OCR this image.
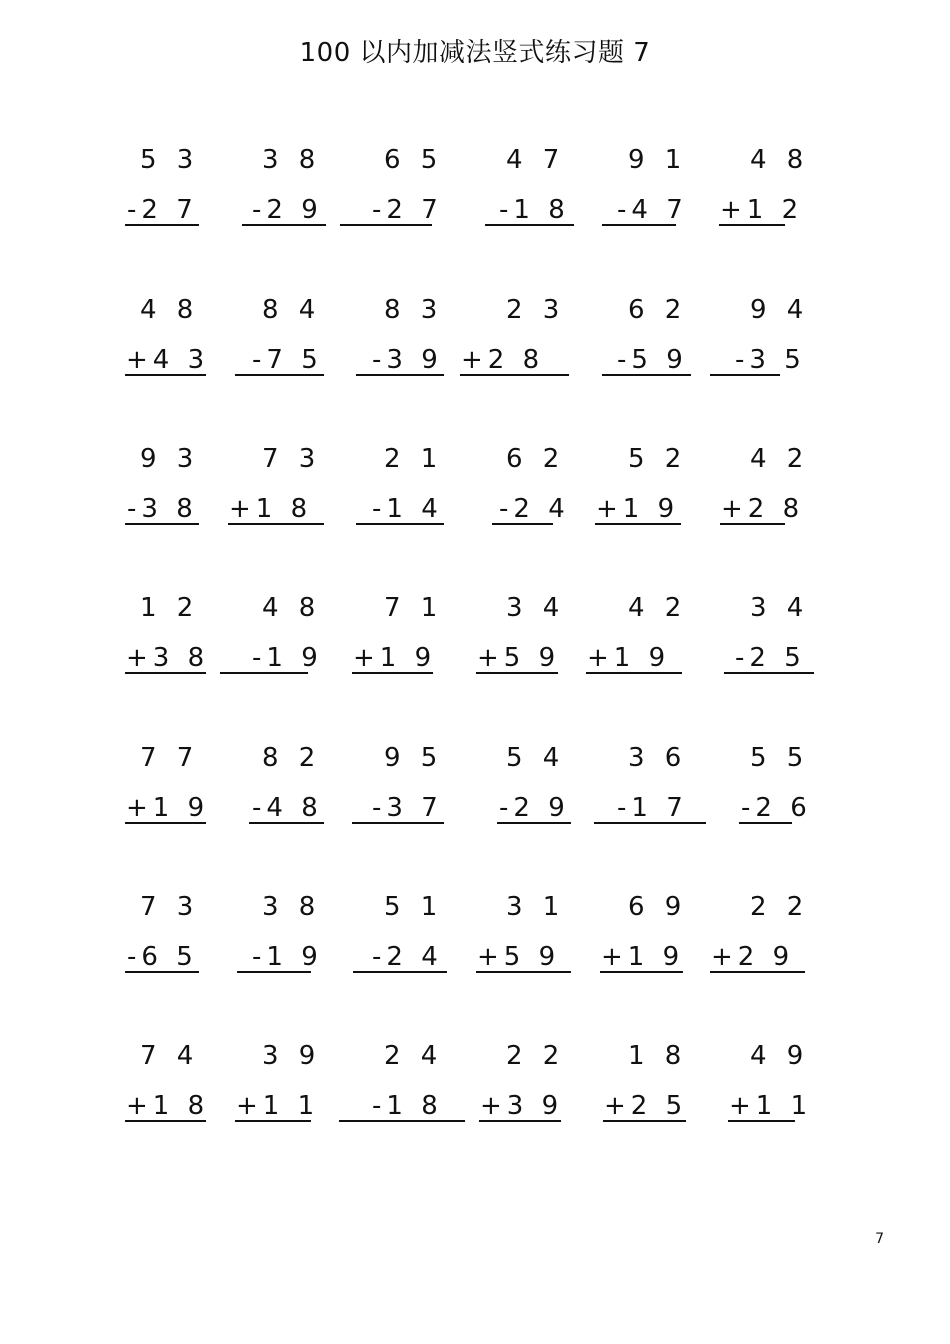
100 以内加减法竖式练习题 7
5 3
-2 7
3 8
-2 9
6 5
-2 7
4 7
-1 8
9 1
-4 7
4 8
+1 2
4 8
+4 3
8 4
-7 5
8 3
-3 9
2 3
+2 8
6 2
-5 9
9 4
-3 5
9 3
-3 8
7 3
+1 8
2 1
-1 4
6 2
-2 4
5 2
+1 9
4 2
+2 8
1 2
+3 8
4 8
-1 9
7 1
+1 9
3 4
+5 9
4 2
+1 9
3 4
-2 5
7 7
+1 9
8 2
-4 8
9 5
-3 7
5 4
-2 9
3 6
-1 7
5 5
-2 6
7 3
-6 5
3 8
-1 9
5 1
-2 4
3 1
+5 9
6 9
+1 9
2 2
+2 9
7 4
+1 8
3 9
+1 1
2 4
-1 8
2 2
+3 9
1 8
+2 5
4 9
+1 1
7
